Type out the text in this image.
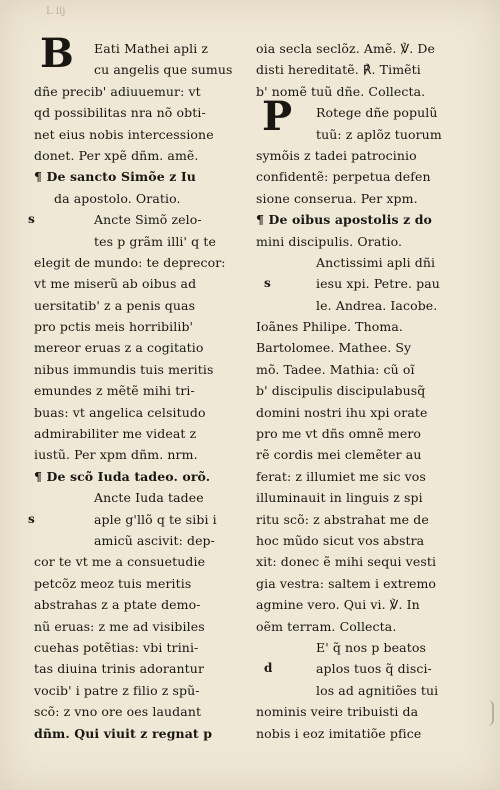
L iij
B	Eati Mathei apli z
cu angelis que sumus
dñe precib' adiuuemur: vt
qd possibilitas nra nõ obti-
net eius nobis intercessione
donet. Per xpẽ dñm. amẽ.
¶ De sancto Simõe z Iu
da apostolo. Oratio.
s	Ancte Simõ zelo-
tes p grãm illi' q te
elegit de mundo: te deprecor:
vt me miserũ ab oibus ad
uersitatib' z a penis quas
pro pctis meis horribilib'
mereor eruas z a cogitatio
nibus immundis tuis meritis
emundes z mẽtẽ mihi tri-
buas: vt angelica celsitudo
admirabiliter me videat z
iustũ. Per xpm dñm. nrm.
¶ De scõ Iuda tadeo. orõ.
Ancte Iuda tadee
s	aple g'llõ q te sibi i
amicũ ascivit: dep-
cor te vt me a consuetudie
petcõz meoz tuis meritis
abstrahas z a ptate demo-
nũ eruas: z me ad visibiles
cuehas potẽtias: vbi trini-
tas diuina trinis adorantur
vocib' i patre z filio z spũ-
scõ: z vno ore oes laudant
dñm. Qui viuit z regnat p
P
oia secla seclõz. Amẽ. ℣. De
disti hereditatẽ. ℟. Timẽti
b' nomẽ tuũ dñe. Collecta.
Rotege dñe populũ
tuũ: z aplõz tuorum
symõis z tadei patrocinio
confidentẽ: perpetua defen
sione conserua. Per xpm.
¶ De oibus apostolis z do
mini discipulis. Oratio.
Anctissimi apli dñi
s	iesu xpi. Petre. pau
le. Andrea. Iacobe.
Ioãnes Philipe. Thoma.
Bartolomee. Mathee. Sy
mõ. Tadee. Mathia: cũ oĩ
b' discipulis discipulabusq̃
domini nostri ihu xpi orate
pro me vt dñs omnẽ mero
rẽ cordis mei clemẽter au
ferat: z illumiet me sic vos
illuminauit in linguis z spi
ritu scõ: z abstrahat me de
hoc mũdo sicut vos abstra
xit: donec ẽ mihi sequi vesti
gia vestra: saltem i extremo
agmine vero. Qui vi. ℣. In
oẽm terram. Collecta.
E' q̃ nos p beatos
d	aplos tuos q̃ disci-
los ad agnitiões tui
nominis veire tribuisti da
nobis i eoz imitatiõe pfice
